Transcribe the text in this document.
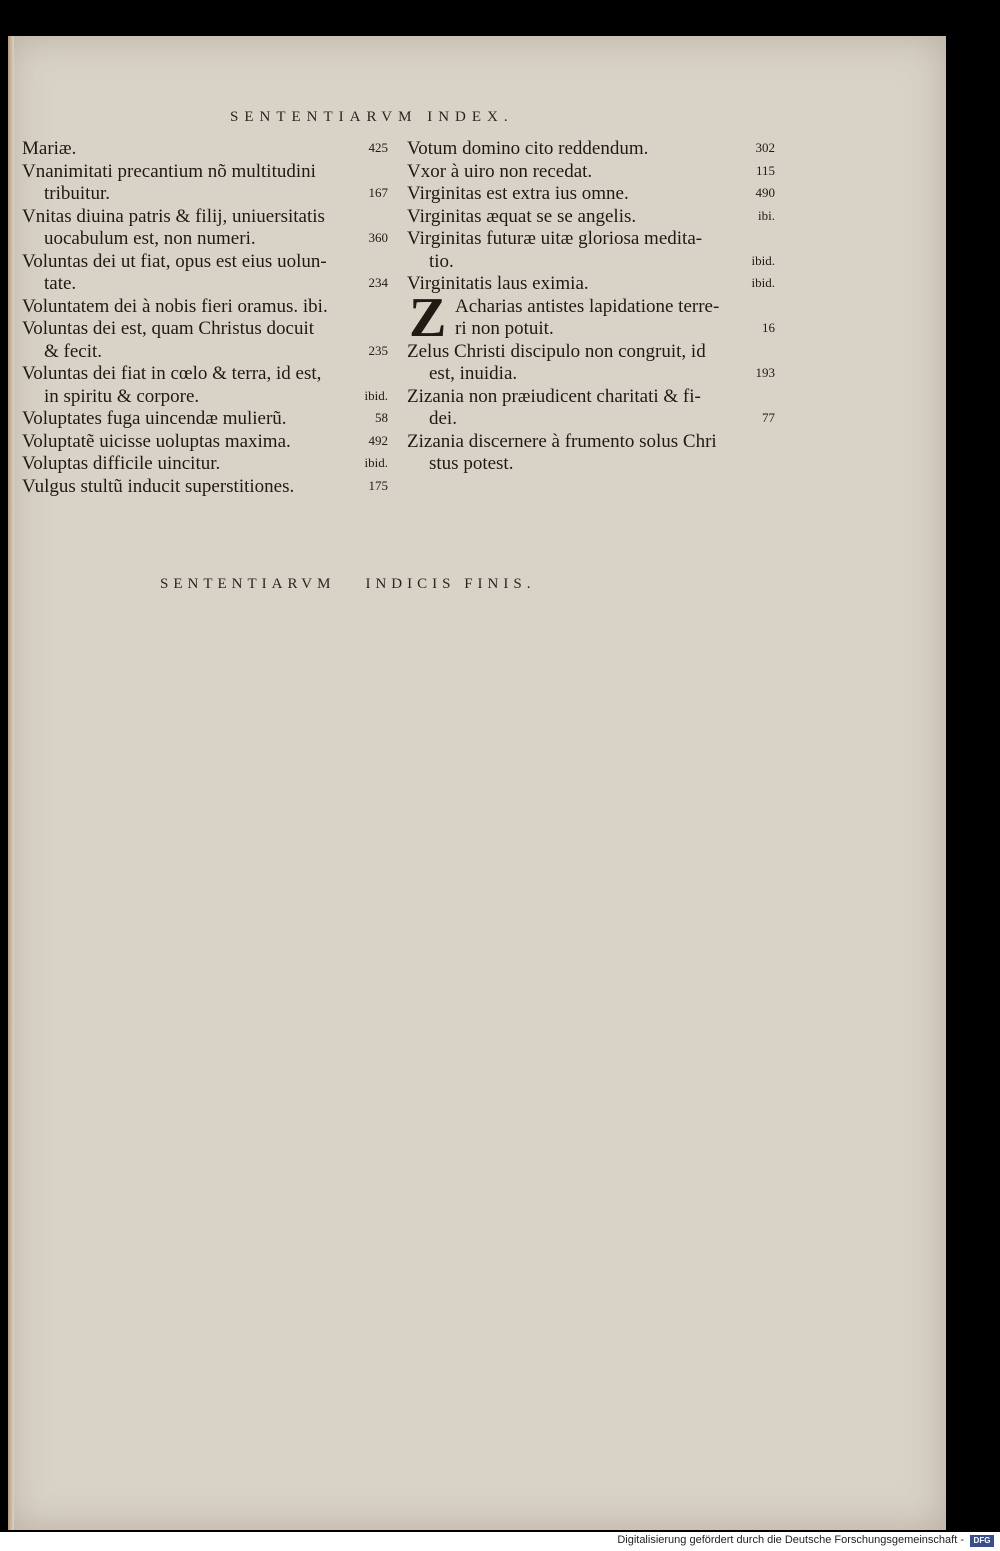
SENTENTIARVM INDEX.
Mariæ.	425
Vnanimitati precantium nõ multitudini
tribuitur.	167
Vnitas diuina patris & filij, uniuersitatis
uocabulum est, non numeri.	360
Voluntas dei ut fiat, opus est eius uolun-
tate.	234
Voluntatem dei à nobis fieri oramus. ibi.
Voluntas dei est, quam Christus docuit
& fecit.	235
Voluntas dei fiat in cœlo & terra, id est,
in spiritu & corpore.	ibid.
Voluptates fuga uincendæ mulierũ.	58
Voluptatẽ uicisse uoluptas maxima.	492
Voluptas difficile uincitur.	ibid.
Vulgus stultũ inducit superstitiones.	175
Votum domino cito reddendum.	302
Vxor à uiro non recedat.	115
Virginitas est extra ius omne.	490
Virginitas æquat se se angelis.	ibi.
Virginitas futuræ uitæ gloriosa medita-
tio.	ibid.
Virginitatis laus eximia.	ibid.
Z Acharias antistes lapidatione terre-
ri non potuit.	16
Zelus Christi discipulo non congruit, id
est, inuidia.	193
Zizania non præiudicent charitati & fi-
dei.	77
Zizania discernere à frumento solus Chri
stus potest.
SENTENTIARVM INDICIS FINIS.
Digitalisierung gefördert durch die Deutsche Forschungsgemeinschaft -	DFG
